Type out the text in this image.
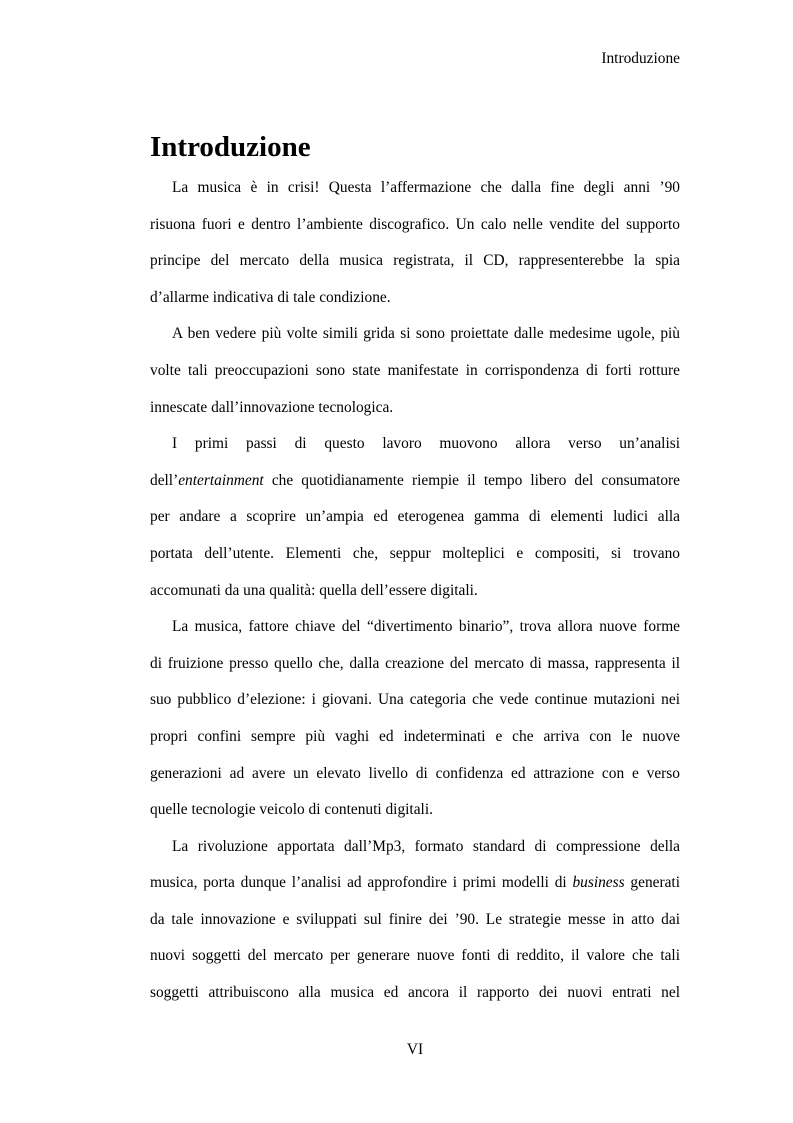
Introduzione
Introduzione
La musica è in crisi! Questa l’affermazione che dalla fine degli anni ’90
risuona fuori e dentro l’ambiente discografico. Un calo nelle vendite del supporto
principe del mercato della musica registrata, il CD, rappresenterebbe la spia
d’allarme indicativa di tale condizione.
A ben vedere più volte simili grida si sono proiettate dalle medesime ugole, più
volte tali preoccupazioni sono state manifestate in corrispondenza di forti rotture
innescate dall’innovazione tecnologica.
I primi passi di questo lavoro muovono allora verso un’analisi
dell’entertainment che quotidianamente riempie il tempo libero del consumatore
per andare a scoprire un’ampia ed eterogenea gamma di elementi ludici alla
portata dell’utente. Elementi che, seppur molteplici e compositi, si trovano
accomunati da una qualità: quella dell’essere digitali.
La musica, fattore chiave del “divertimento binario”, trova allora nuove forme
di fruizione presso quello che, dalla creazione del mercato di massa, rappresenta il
suo pubblico d’elezione: i giovani. Una categoria che vede continue mutazioni nei
propri confini sempre più vaghi ed indeterminati e che arriva con le nuove
generazioni ad avere un elevato livello di confidenza ed attrazione con e verso
quelle tecnologie veicolo di contenuti digitali.
La rivoluzione apportata dall’Mp3, formato standard di compressione della
musica, porta dunque l’analisi ad approfondire i primi modelli di business generati
da tale innovazione e sviluppati sul finire dei ’90. Le strategie messe in atto dai
nuovi soggetti del mercato per generare nuove fonti di reddito, il valore che tali
soggetti attribuiscono alla musica ed ancora il rapporto dei nuovi entrati nel
VI
